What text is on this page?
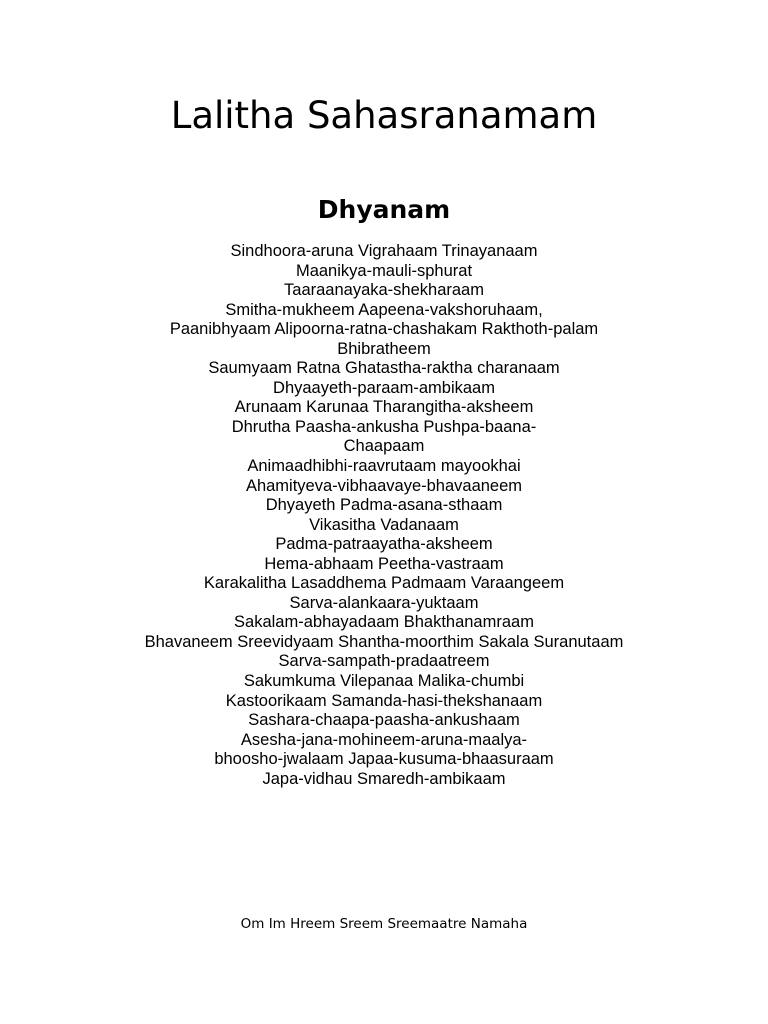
Lalitha Sahasranamam
Dhyanam
Sindhoora-aruna Vigrahaam Trinayanaam
Maanikya-mauli-sphurat
Taaraanayaka-shekharaam
Smitha-mukheem Aapeena-vakshoruhaam,
Paanibhyaam Alipoorna-ratna-chashakam Rakthoth-palam
Bhibratheem
Saumyaam Ratna Ghatastha-raktha charanaam
Dhyaayeth-paraam-ambikaam
Arunaam Karunaa Tharangitha-aksheem
Dhrutha Paasha-ankusha Pushpa-baana-
Chaapaam
Animaadhibhi-raavrutaam mayookhai
Ahamityeva-vibhaavaye-bhavaaneem
Dhyayeth Padma-asana-sthaam
Vikasitha Vadanaam
Padma-patraayatha-aksheem
Hema-abhaam Peetha-vastraam
Karakalitha Lasaddhema Padmaam Varaangeem
Sarva-alankaara-yuktaam
Sakalam-abhayadaam Bhakthanamraam
Bhavaneem Sreevidyaam Shantha-moorthim Sakala Suranutaam
Sarva-sampath-pradaatreem
Sakumkuma Vilepanaa Malika-chumbi
Kastoorikaam Samanda-hasi-thekshanaam
Sashara-chaapa-paasha-ankushaam
Asesha-jana-mohineem-aruna-maalya-
bhoosho-jwalaam Japaa-kusuma-bhaasuraam
Japa-vidhau Smaredh-ambikaam

Om Im Hreem Sreem Sreemaatre Namaha
